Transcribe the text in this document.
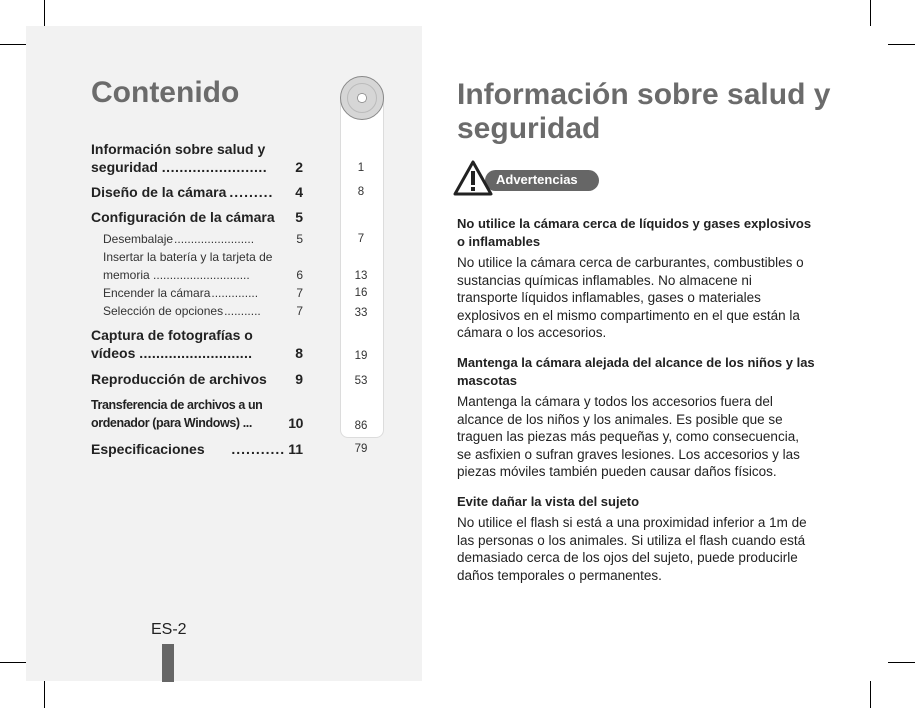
Contenido
Información sobre salud y seguridad ........................	2
Diseño de la cámara .........	4
Configuración de la cámara 5
Desembalaje ........................	5
Insertar la batería y la tarjeta de memoria .............................	6
Encender la cámara ..............	7
Selección de opciones ...........	7
Captura de fotografías o vídeos ...........................	8
Reproducción de archivos 9
Transferencia de archivos a un ordenador (para Windows) ...	10
Especificaciones	........... 11
1
8
7
13
16
33
19
53
86
79
ES-2
Información sobre salud y seguridad
Advertencias
No utilice la cámara cerca de líquidos y gases explosivos o inflamables

No utilice la cámara cerca de carburantes, combustibles o sustancias químicas inflamables. No almacene ni transporte líquidos inflamables, gases o materiales explosivos en el mismo compartimento en el que están la cámara o los accesorios.

Mantenga la cámara alejada del alcance de los niños y las mascotas

Mantenga la cámara y todos los accesorios fuera del alcance de los niños y los animales. Es posible que se traguen las piezas más pequeñas y, como consecuencia, se asfixien o sufran graves lesiones. Los accesorios y las piezas móviles también pueden causar daños físicos.

Evite dañar la vista del sujeto

No utilice el flash si está a una proximidad inferior a 1m de las personas o los animales. Si utiliza el flash cuando está demasiado cerca de los ojos del sujeto, puede producirle daños temporales o permanentes.
